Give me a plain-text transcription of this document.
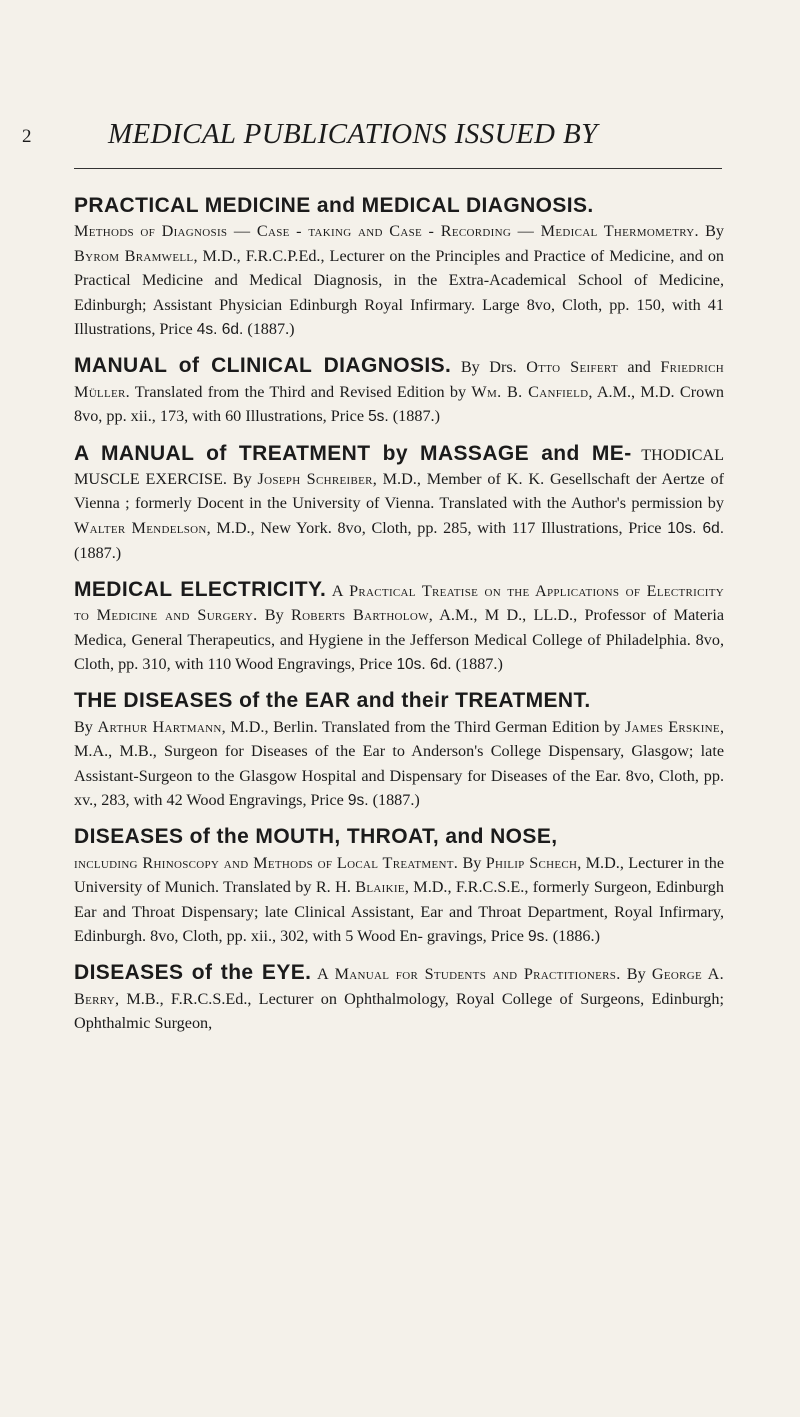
2	MEDICAL PUBLICATIONS ISSUED BY

PRACTICAL MEDICINE and MEDICAL DIAGNOSIS.
Methods of Diagnosis — Case - taking and Case - Recording — Medical Thermometry. By Byrom Bramwell, M.D., F.R.C.P.Ed., Lecturer on the Principles and Practice of Medicine, and on Practical Medicine and Medical Diagnosis, in the Extra-Academical School of Medicine, Edinburgh; Assistant Physician Edinburgh Royal Infirmary. Large 8vo, Cloth, pp. 150, with 41 Illustrations, Price 4s. 6d. (1887.)

MANUAL of CLINICAL DIAGNOSIS. By Drs. Otto Seifert and Friedrich Müller. Translated from the Third and Revised Edition by Wm. B. Canfield, A.M., M.D. Crown 8vo, pp. xii., 173, with 60 Illustrations, Price 5s. (1887.)

A MANUAL of TREATMENT by MASSAGE and ME- THODICAL MUSCLE EXERCISE. By Joseph Schreiber, M.D., Member of K. K. Gesellschaft der Aertze of Vienna ; formerly Docent in the University of Vienna. Translated with the Author's permission by Walter Mendelson, M.D., New York. 8vo, Cloth, pp. 285, with 117 Illustrations, Price 10s. 6d. (1887.)

MEDICAL ELECTRICITY. A Practical Treatise on the Applications of Electricity to Medicine and Surgery. By Roberts Bartholow, A.M., M D., LL.D., Professor of Materia Medica, General Therapeutics, and Hygiene in the Jefferson Medical College of Philadelphia. 8vo, Cloth, pp. 310, with 110 Wood Engravings, Price 10s. 6d. (1887.)

THE DISEASES of the EAR and their TREATMENT.
By Arthur Hartmann, M.D., Berlin. Translated from the Third German Edition by James Erskine, M.A., M.B., Surgeon for Diseases of the Ear to Anderson's College Dispensary, Glasgow; late Assistant-Surgeon to the Glasgow Hospital and Dispensary for Diseases of the Ear. 8vo, Cloth, pp. xv., 283, with 42 Wood Engravings, Price 9s. (1887.)

DISEASES of the MOUTH, THROAT, and NOSE,
including Rhinoscopy and Methods of Local Treatment. By Philip Schech, M.D., Lecturer in the University of Munich. Translated by R. H. Blaikie, M.D., F.R.C.S.E., formerly Surgeon, Edinburgh Ear and Throat Dispensary; late Clinical Assistant, Ear and Throat Department, Royal Infirmary, Edinburgh. 8vo, Cloth, pp. xii., 302, with 5 Wood En- gravings, Price 9s. (1886.)

DISEASES of the EYE. A Manual for Students and Practitioners. By George A. Berry, M.B., F.R.C.S.Ed., Lecturer on Ophthalmology, Royal College of Surgeons, Edinburgh; Ophthalmic Surgeon,
